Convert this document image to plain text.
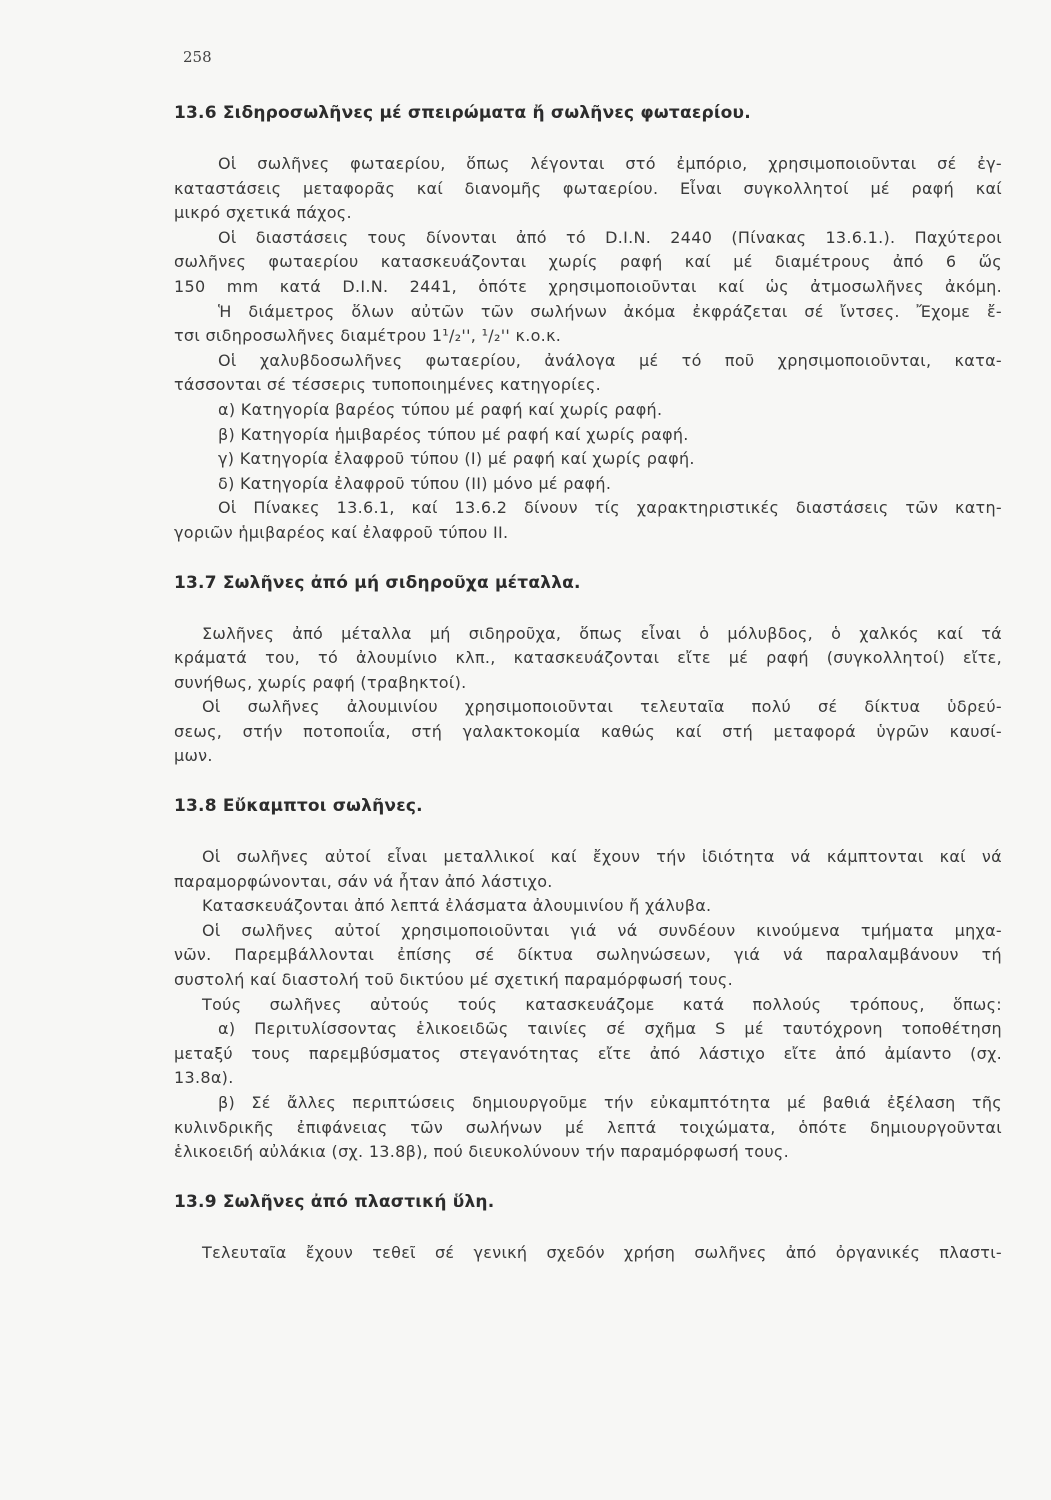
258
13.6 Σιδηροσωλῆνες μέ σπειρώματα ἤ σωλῆνες φωταερίου.

Οἱ σωλῆνες φωταερίου, ὅπως λέγονται στό ἐμπόριο, χρησιμοποιοῦνται σέ ἐγ-

καταστάσεις μεταφορᾶς καί διανομῆς φωταερίου. Εἶναι συγκολλητοί μέ ραφή καί

μικρό σχετικά πάχος.

Οἱ διαστάσεις τους δίνονται ἀπό τό D.I.N. 2440 (Πίνακας 13.6.1.). Παχύτεροι

σωλῆνες φωταερίου κατασκευάζονται χωρίς ραφή καί μέ διαμέτρους ἀπό 6 ὥς

150 mm κατά D.I.N. 2441, ὁπότε χρησιμοποιοῦνται καί ὡς ἀτμοσωλῆνες ἀκόμη.

Ἡ διάμετρος ὅλων αὐτῶν τῶν σωλήνων ἀκόμα ἐκφράζεται σέ ἴντσες. Ἔχομε ἔ-

τσι σιδηροσωλῆνες διαμέτρου 1¹/₂'', ¹/₂'' κ.ο.κ.

Οἱ χαλυβδοσωλῆνες φωταερίου, ἀνάλογα μέ τό ποῦ χρησιμοποιοῦνται, κατα-

τάσσονται σέ τέσσερις τυποποιημένες κατηγορίες.

α) Κατηγορία βαρέος τύπου μέ ραφή καί χωρίς ραφή.

β) Κατηγορία ἡμιβαρέος τύπου μέ ραφή καί χωρίς ραφή.

γ) Κατηγορία ἐλαφροῦ τύπου (I) μέ ραφή καί χωρίς ραφή.

δ) Κατηγορία ἐλαφροῦ τύπου (II) μόνο μέ ραφή.

Οἱ Πίνακες 13.6.1, καί 13.6.2 δίνουν τίς χαρακτηριστικές διαστάσεις τῶν κατη-

γοριῶν ἡμιβαρέος καί ἐλαφροῦ τύπου II.

13.7 Σωλῆνες ἀπό μή σιδηροῦχα μέταλλα.

Σωλῆνες ἀπό μέταλλα μή σιδηροῦχα, ὅπως εἶναι ὁ μόλυβδος, ὁ χαλκός καί τά

κράματά του, τό ἀλουμίνιο κλπ., κατασκευάζονται εἴτε μέ ραφή (συγκολλητοί) εἴτε,

συνήθως, χωρίς ραφή (τραβηκτοί).

Οἱ σωλῆνες ἀλουμινίου χρησιμοποιοῦνται τελευταῖα πολύ σέ δίκτυα ὑδρεύ-

σεως, στήν ποτοποιΐα, στή γαλακτοκομία καθώς καί στή μεταφορά ὑγρῶν καυσί-

μων.

13.8 Εὔκαμπτοι σωλῆνες.

Οἱ σωλῆνες αὐτοί εἶναι μεταλλικοί καί ἔχουν τήν ἰδιότητα νά κάμπτονται καί νά

παραμορφώνονται, σάν νά ἦταν ἀπό λάστιχο.

Κατασκευάζονται ἀπό λεπτά ἐλάσματα ἀλουμινίου ἤ χάλυβα.

Οἱ σωλῆνες αὐτοί χρησιμοποιοῦνται γιά νά συνδέουν κινούμενα τμήματα μηχα-

νῶν. Παρεμβάλλονται ἐπίσης σέ δίκτυα σωληνώσεων, γιά νά παραλαμβάνουν τή

συστολή καί διαστολή τοῦ δικτύου μέ σχετική παραμόρφωσή τους.

Τούς σωλῆνες αὐτούς τούς κατασκευάζομε κατά πολλούς τρόπους, ὅπως:

α) Περιτυλίσσοντας ἑλικοειδῶς ταινίες σέ σχῆμα S μέ ταυτόχρονη τοποθέτηση

μεταξύ τους παρεμβύσματος στεγανότητας εἴτε ἀπό λάστιχο εἴτε ἀπό ἀμίαντο (σχ.

13.8α).

β) Σέ ἄλλες περιπτώσεις δημιουργοῦμε τήν εὐκαμπτότητα μέ βαθιά ἐξέλαση τῆς

κυλινδρικῆς ἐπιφάνειας τῶν σωλήνων μέ λεπτά τοιχώματα, ὁπότε δημιουργοῦνται

ἑλικοειδή αὐλάκια (σχ. 13.8β), πού διευκολύνουν τήν παραμόρφωσή τους.

13.9 Σωλῆνες ἀπό πλαστική ὕλη.

Τελευταῖα ἔχουν τεθεῖ σέ γενική σχεδόν χρήση σωλῆνες ἀπό ὀργανικές πλαστι-
